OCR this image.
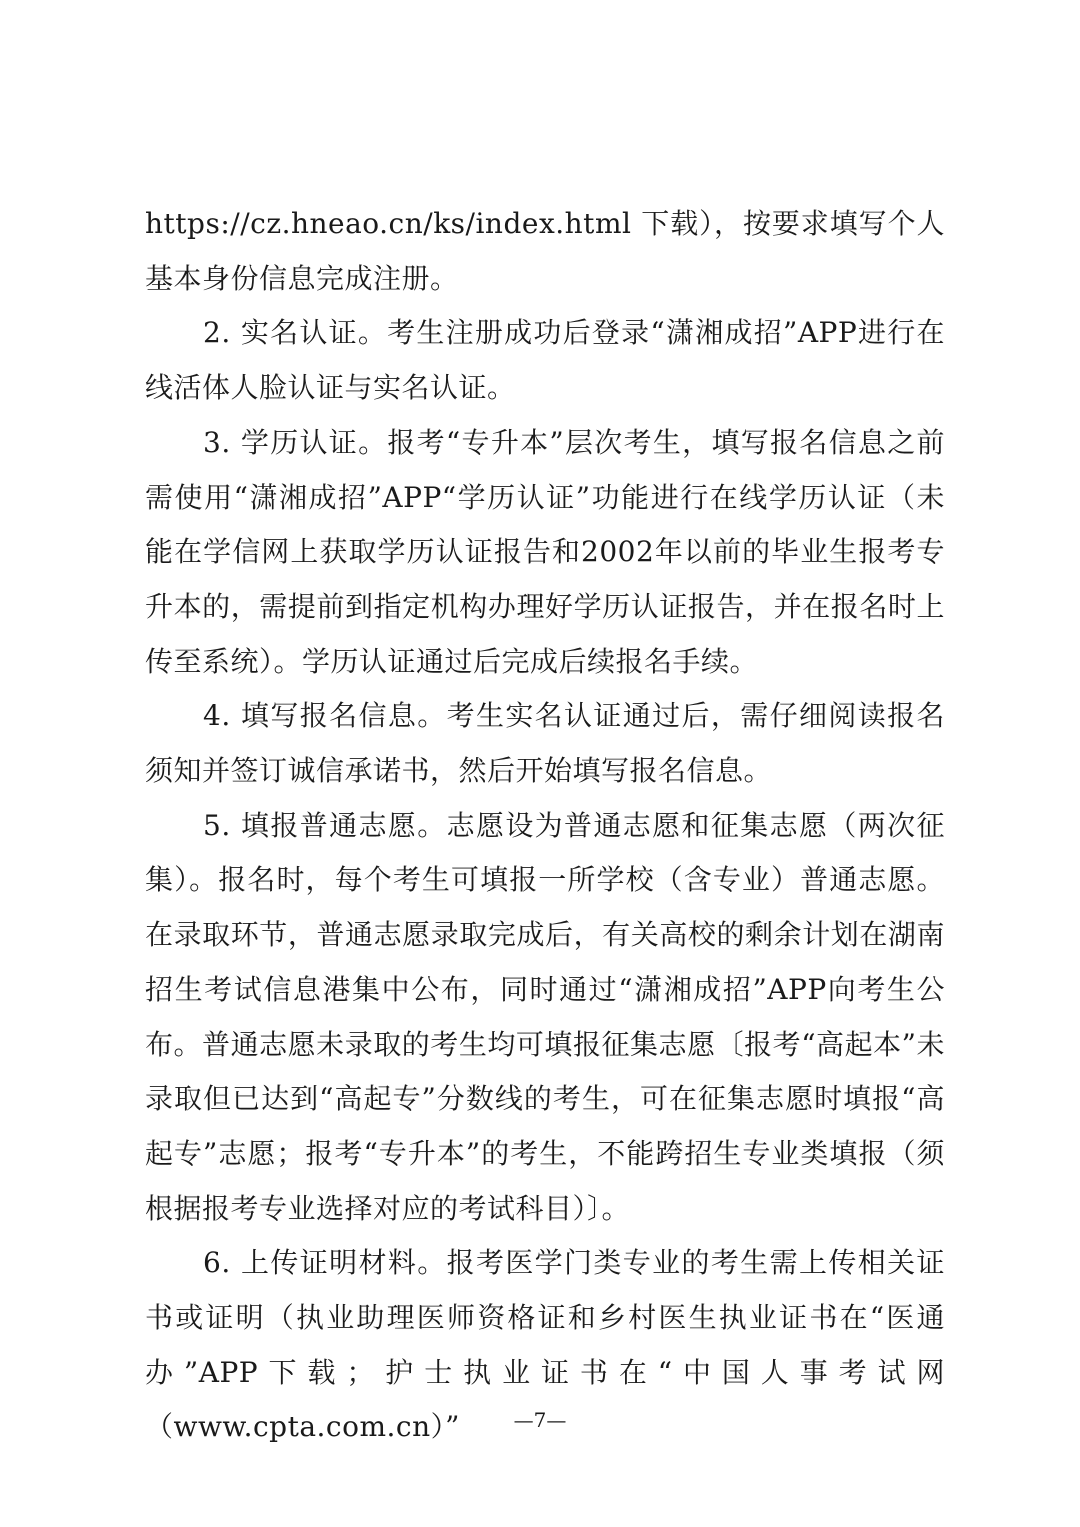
https://cz.hneao.cn/ks/index.html 下载），按要求填写个人基本身份信息完成注册。

2. 实名认证。考生注册成功后登录“潇湘成招”APP进行在线活体人脸认证与实名认证。

3. 学历认证。报考“专升本”层次考生，填写报名信息之前需使用“潇湘成招”APP“学历认证”功能进行在线学历认证（未能在学信网上获取学历认证报告和2002年以前的毕业生报考专升本的，需提前到指定机构办理好学历认证报告，并在报名时上传至系统）。学历认证通过后完成后续报名手续。

4. 填写报名信息。考生实名认证通过后，需仔细阅读报名须知并签订诚信承诺书，然后开始填写报名信息。

5. 填报普通志愿。志愿设为普通志愿和征集志愿（两次征集）。报名时，每个考生可填报一所学校（含专业）普通志愿。在录取环节，普通志愿录取完成后，有关高校的剩余计划在湖南招生考试信息港集中公布，同时通过“潇湘成招”APP向考生公布。普通志愿未录取的考生均可填报征集志愿〔报考“高起本”未录取但已达到“高起专”分数线的考生，可在征集志愿时填报“高起专”志愿；报考“专升本”的考生，不能跨招生专业类填报（须根据报考专业选择对应的考试科目）〕。

6. 上传证明材料。报考医学门类专业的考生需上传相关证书或证明（执业助理医师资格证和乡村医生执业证书在“医通办”APP下载；护士执业证书在“中国人事考试网（www.cpta.com.cn）”	—7—
